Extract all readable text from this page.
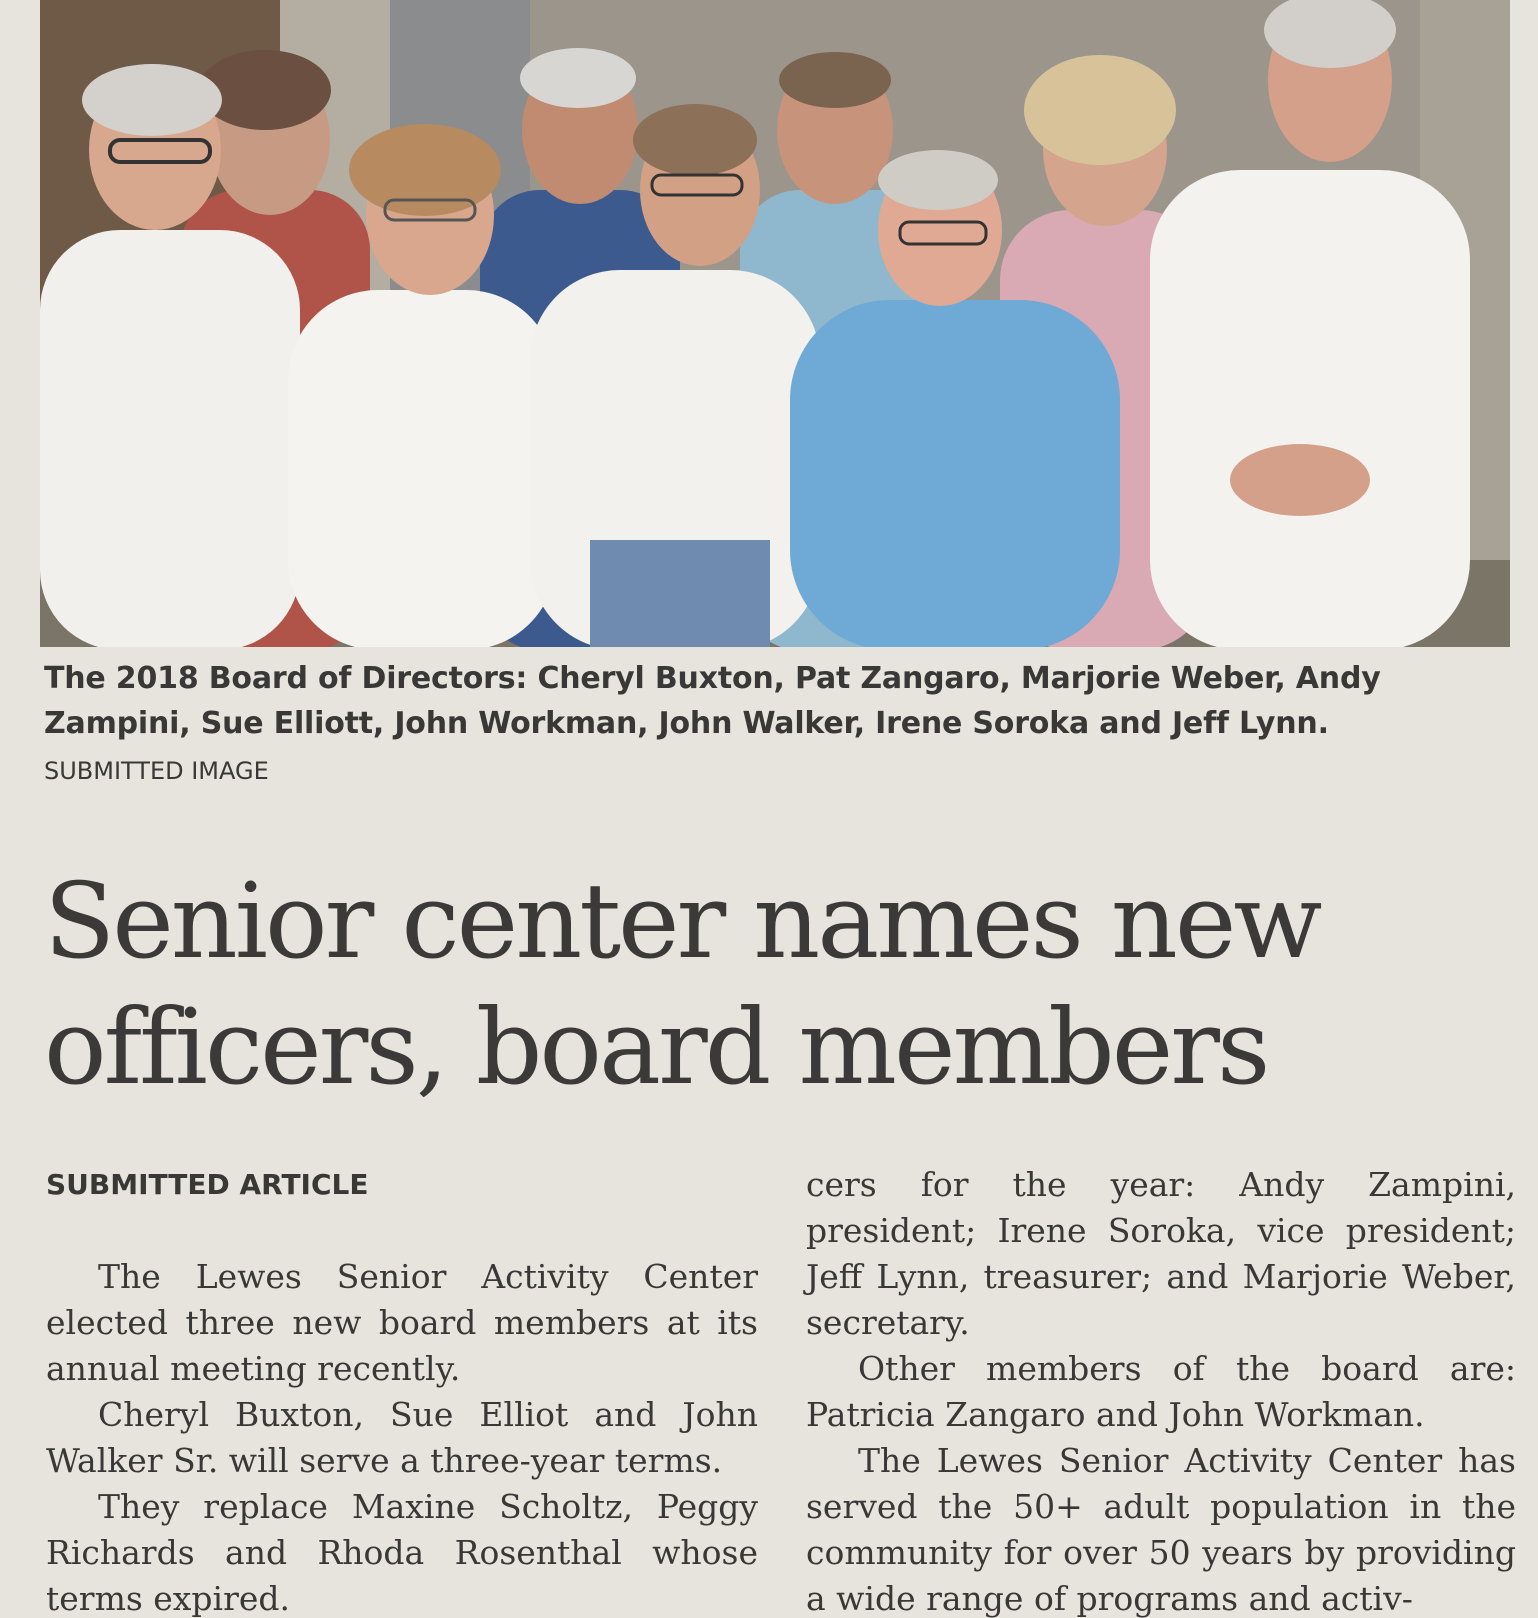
The 2018 Board of Directors: Cheryl Buxton, Pat Zangaro, Marjorie Weber, Andy Zampini, Sue Elliott, John Workman, John Walker, Irene Soroka and Jeff Lynn.
SUBMITTED IMAGE
Senior center names new officers, board members
SUBMITTED ARTICLE

The Lewes Senior Activity Center elected three new board members at its annual meeting recently.

Cheryl Buxton, Sue Elliot and John Walker Sr. will serve a three-year terms.

They replace Maxine Scholtz, Peggy Richards and Rhoda Rosenthal whose terms expired.

cers for the year: Andy Zampini, president; Irene Soroka, vice president; Jeff Lynn, treasurer; and Marjorie Weber, secretary.

Other members of the board are: Patricia Zangaro and John Workman.

The Lewes Senior Activity Center has served the 50+ adult population in the community for over 50 years by providing a wide range of programs and activ-
